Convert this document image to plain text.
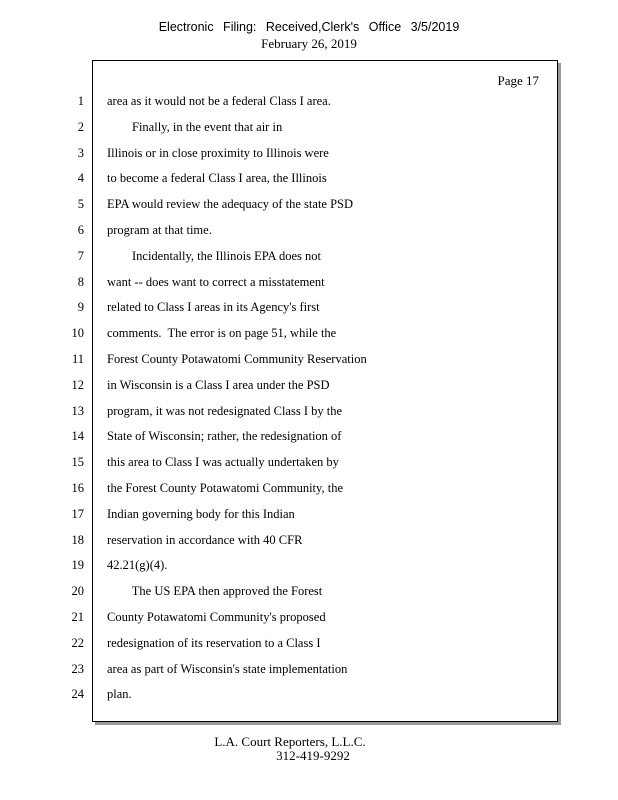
Electronic Filing: Received,Clerk's Office 3/5/2019
February 26, 2019
Page 17
1 area as it would not be a federal Class I area.
2 Finally, in the event that air in
3 Illinois or in close proximity to Illinois were
4 to become a federal Class I area, the Illinois
5 EPA would review the adequacy of the state PSD
6 program at that time.
7 Incidentally, the Illinois EPA does not
8 want -- does want to correct a misstatement
9 related to Class I areas in its Agency's first
10 comments.  The error is on page 51, while the
11 Forest County Potawatomi Community Reservation
12 in Wisconsin is a Class I area under the PSD
13 program, it was not redesignated Class I by the
14 State of Wisconsin; rather, the redesignation of
15 this area to Class I was actually undertaken by
16 the Forest County Potawatomi Community, the
17 Indian governing body for this Indian
18 reservation in accordance with 40 CFR
19 42.21(g)(4).
20 The US EPA then approved the Forest
21 County Potawatomi Community's proposed
22 redesignation of its reservation to a Class I
23 area as part of Wisconsin's state implementation
24 plan.
L.A. Court Reporters, L.L.C.
312-419-9292
